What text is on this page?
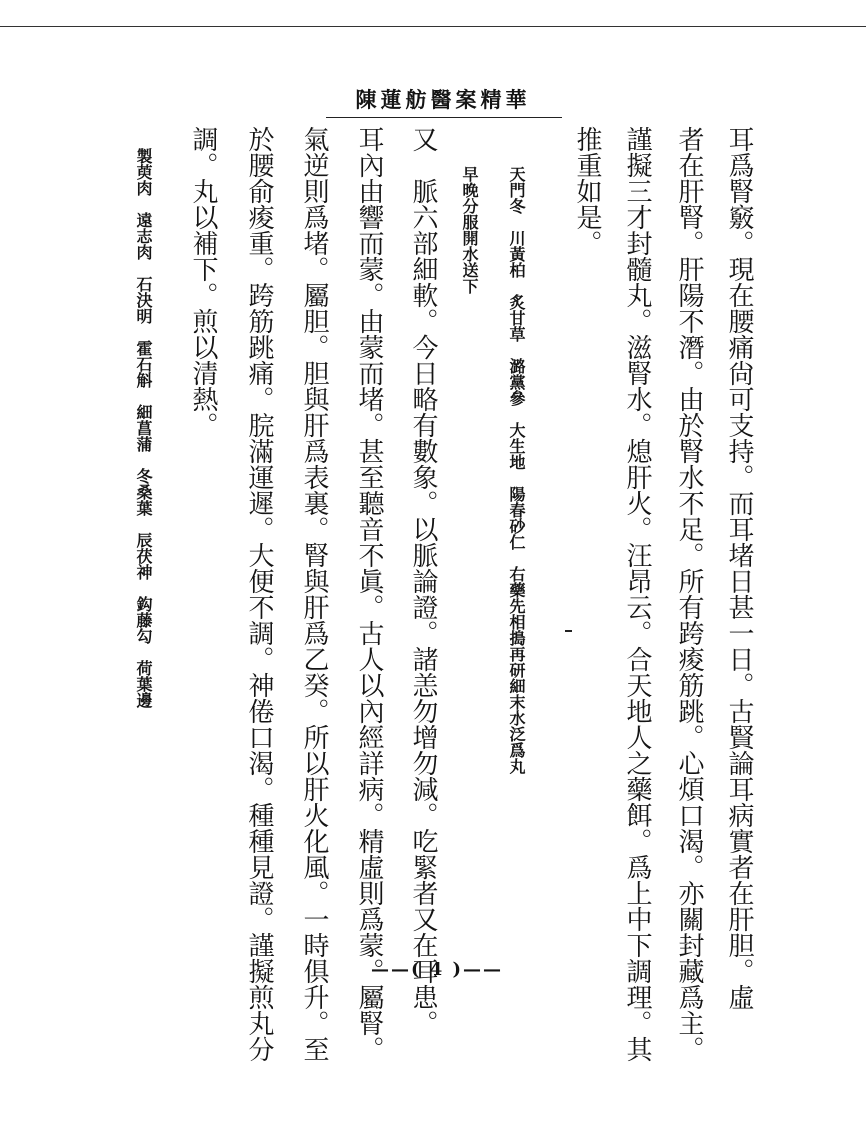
陳蓮舫醫案精華
耳爲腎竅。現在腰痛尙可支持。而耳堵日甚一日。古賢論耳病實者在肝胆。虛
者在肝腎。肝陽不潛。由於腎水不足。所有跨痠筋跳。心煩口渴。亦關封藏爲主。
謹擬三才封髓丸。滋腎水。熄肝火。汪昂云。合天地人之藥餌。爲上中下調理。其
推重如是。
天門冬　川黃柏　炙甘草　潞黨參　大生地　陽春砂仁　右藥先相搗再研細末水泛爲丸
早晚分服開水送下
又　脈六部細軟。今日略有數象。以脈論證。諸恙勿增勿減。吃緊者又在耳患。
耳內由響而蒙。由蒙而堵。甚至聽音不眞。古人以內經詳病。精虛則爲蒙。屬腎。
氣逆則爲堵。屬胆。胆與肝爲表裏。腎與肝爲乙癸。所以肝火化風。一時俱升。至
於腰俞痠重。跨筋跳痛。脘滿運遲。大便不調。神倦口渴。種種見證。謹擬煎丸分
調。丸以補下。煎以清熱。
製萸肉　遠志肉　石決明　霍石斛　細菖蒲　冬桑葉　辰茯神　鈎藤勾　荷葉邊
——( 4 )——
